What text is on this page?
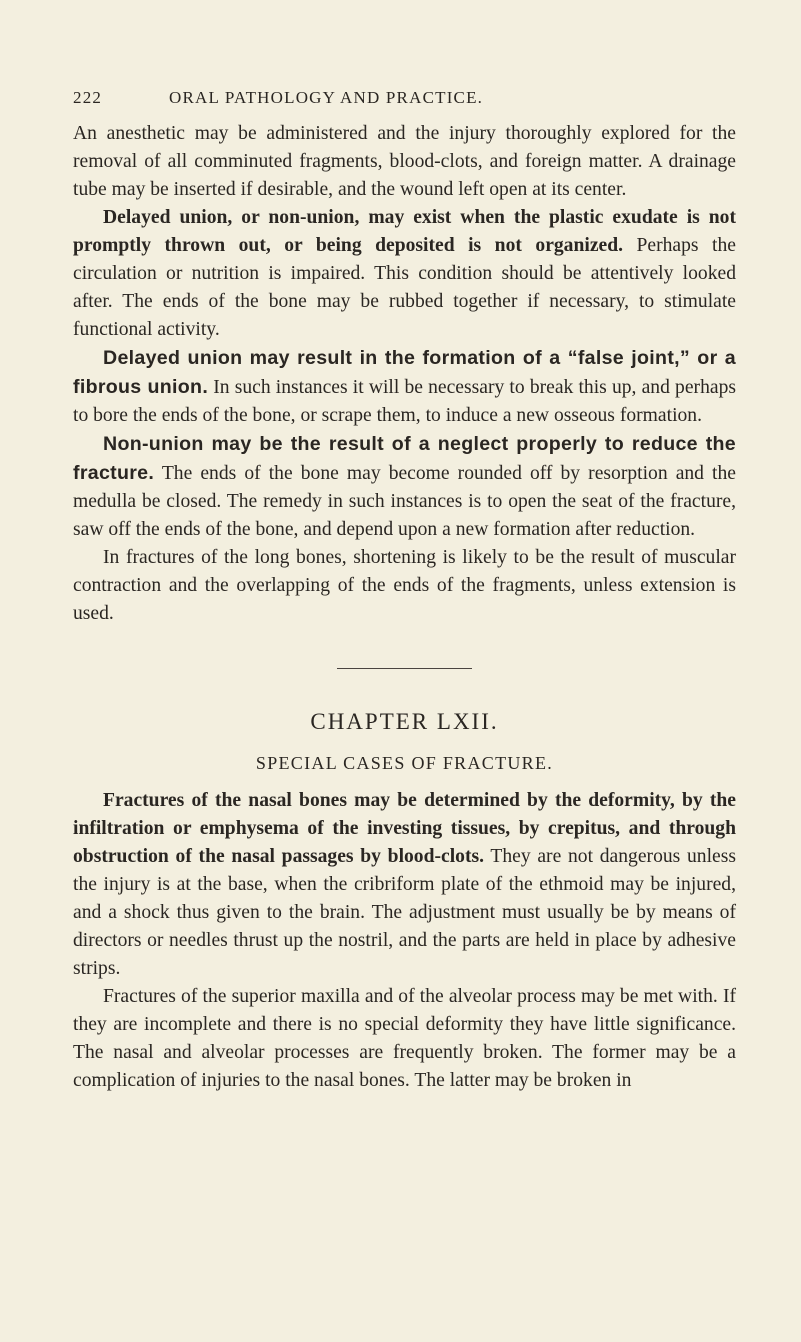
222	ORAL PATHOLOGY AND PRACTICE.

An anesthetic may be administered and the injury thoroughly explored for the removal of all comminuted fragments, blood-clots, and foreign matter. A drainage tube may be inserted if desirable, and the wound left open at its center.

Delayed union, or non-union, may exist when the plastic exudate is not promptly thrown out, or being deposited is not organized. Perhaps the circulation or nutrition is impaired. This condition should be attentively looked after. The ends of the bone may be rubbed together if necessary, to stimulate functional activity.

Delayed union may result in the formation of a “false joint,” or a fibrous union. In such instances it will be necessary to break this up, and perhaps to bore the ends of the bone, or scrape them, to induce a new osseous formation.

Non-union may be the result of a neglect properly to reduce the fracture. The ends of the bone may become rounded off by resorption and the medulla be closed. The remedy in such instances is to open the seat of the fracture, saw off the ends of the bone, and depend upon a new formation after reduction.

In fractures of the long bones, shortening is likely to be the result of muscular contraction and the overlapping of the ends of the fragments, unless extension is used.

CHAPTER LXII.
SPECIAL CASES OF FRACTURE.

Fractures of the nasal bones may be determined by the deformity, by the infiltration or emphysema of the investing tissues, by crepitus, and through obstruction of the nasal passages by blood-clots. They are not dangerous unless the injury is at the base, when the cribriform plate of the ethmoid may be injured, and a shock thus given to the brain. The adjustment must usually be by means of directors or needles thrust up the nostril, and the parts are held in place by adhesive strips.

Fractures of the superior maxilla and of the alveolar process may be met with. If they are incomplete and there is no special deformity they have little significance. The nasal and alveolar processes are frequently broken. The former may be a complication of injuries to the nasal bones. The latter may be broken in
